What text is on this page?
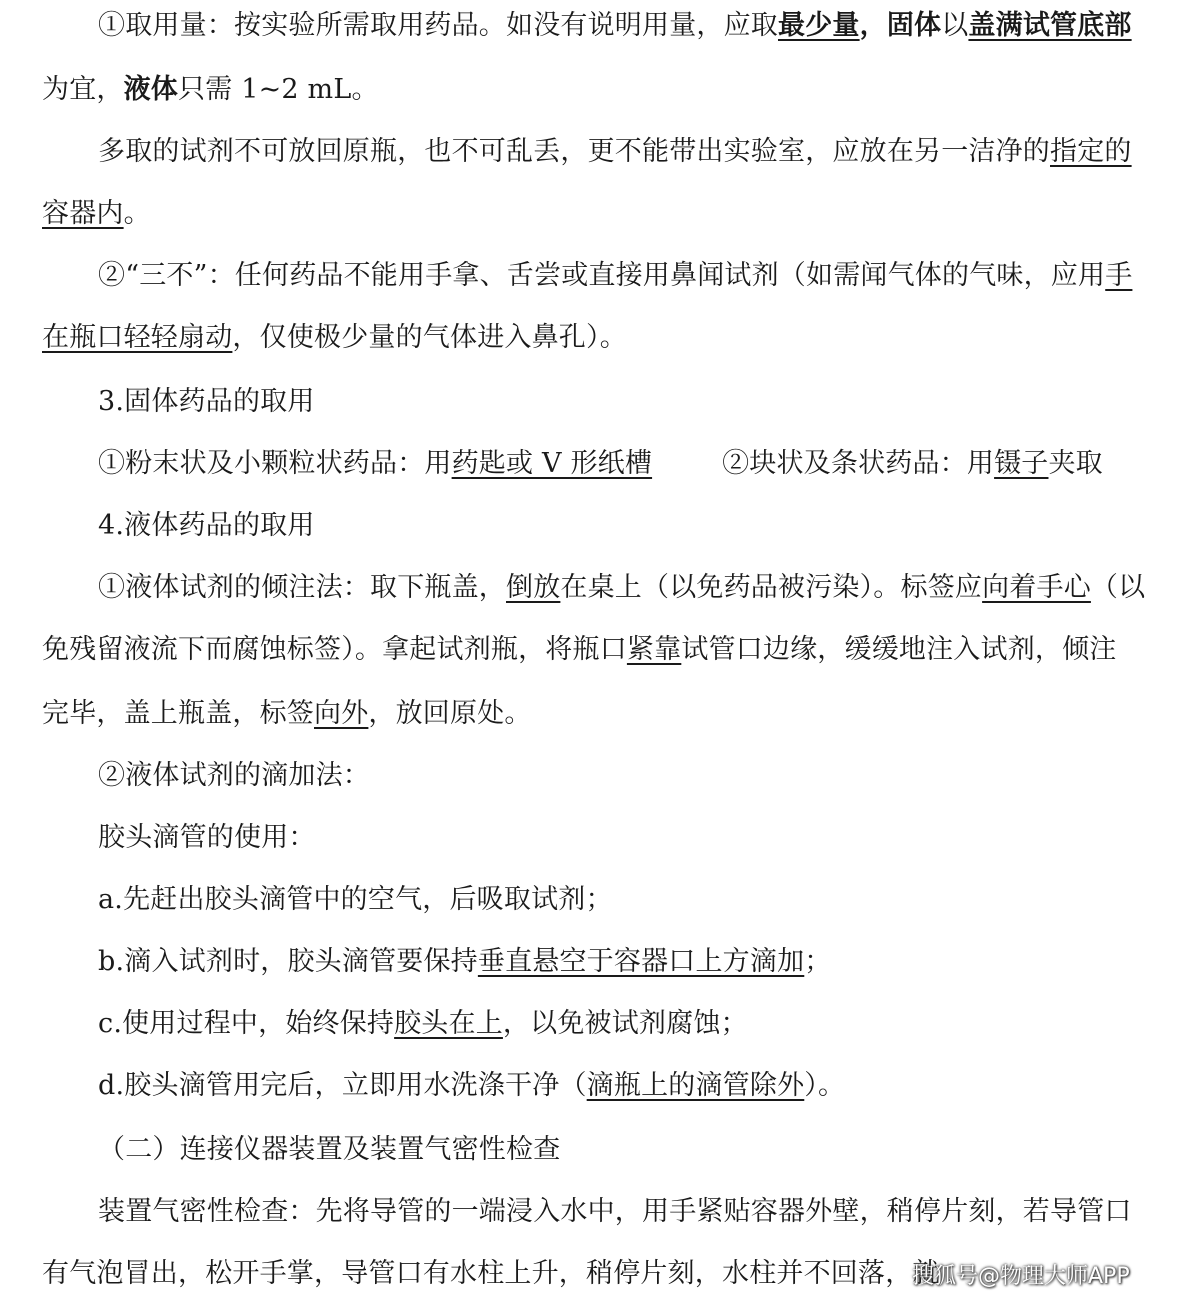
①取用量：按实验所需取用药品。如没有说明用量，应取最少量，固体以盖满试管底部
为宜，液体只需 1~2 mL。
多取的试剂不可放回原瓶，也不可乱丢，更不能带出实验室，应放在另一洁净的指定的
容器内。
②“三不”：任何药品不能用手拿、舌尝或直接用鼻闻试剂（如需闻气体的气味，应用手
在瓶口轻轻扇动，仅使极少量的气体进入鼻孔）。
3.固体药品的取用
①粉末状及小颗粒状药品：用药匙或 V 形纸槽	②块状及条状药品：用镊子夹取
4.液体药品的取用
①液体试剂的倾注法：取下瓶盖，倒放在桌上（以免药品被污染）。标签应向着手心（以
免残留液流下而腐蚀标签）。拿起试剂瓶，将瓶口紧靠试管口边缘，缓缓地注入试剂，倾注
完毕，盖上瓶盖，标签向外，放回原处。
②液体试剂的滴加法：
胶头滴管的使用：
a.先赶出胶头滴管中的空气，后吸取试剂；
b.滴入试剂时，胶头滴管要保持垂直悬空于容器口上方滴加；
c.使用过程中，始终保持胶头在上，以免被试剂腐蚀；
d.胶头滴管用完后，立即用水洗涤干净（滴瓶上的滴管除外）。
（二）连接仪器装置及装置气密性检查
装置气密性检查：先将导管的一端浸入水中，用手紧贴容器外壁，稍停片刻，若导管口
有气泡冒出，松开手掌，导管口有水柱上升，稍停片刻，水柱并不回落，就
搜狐号@物理大师APP
